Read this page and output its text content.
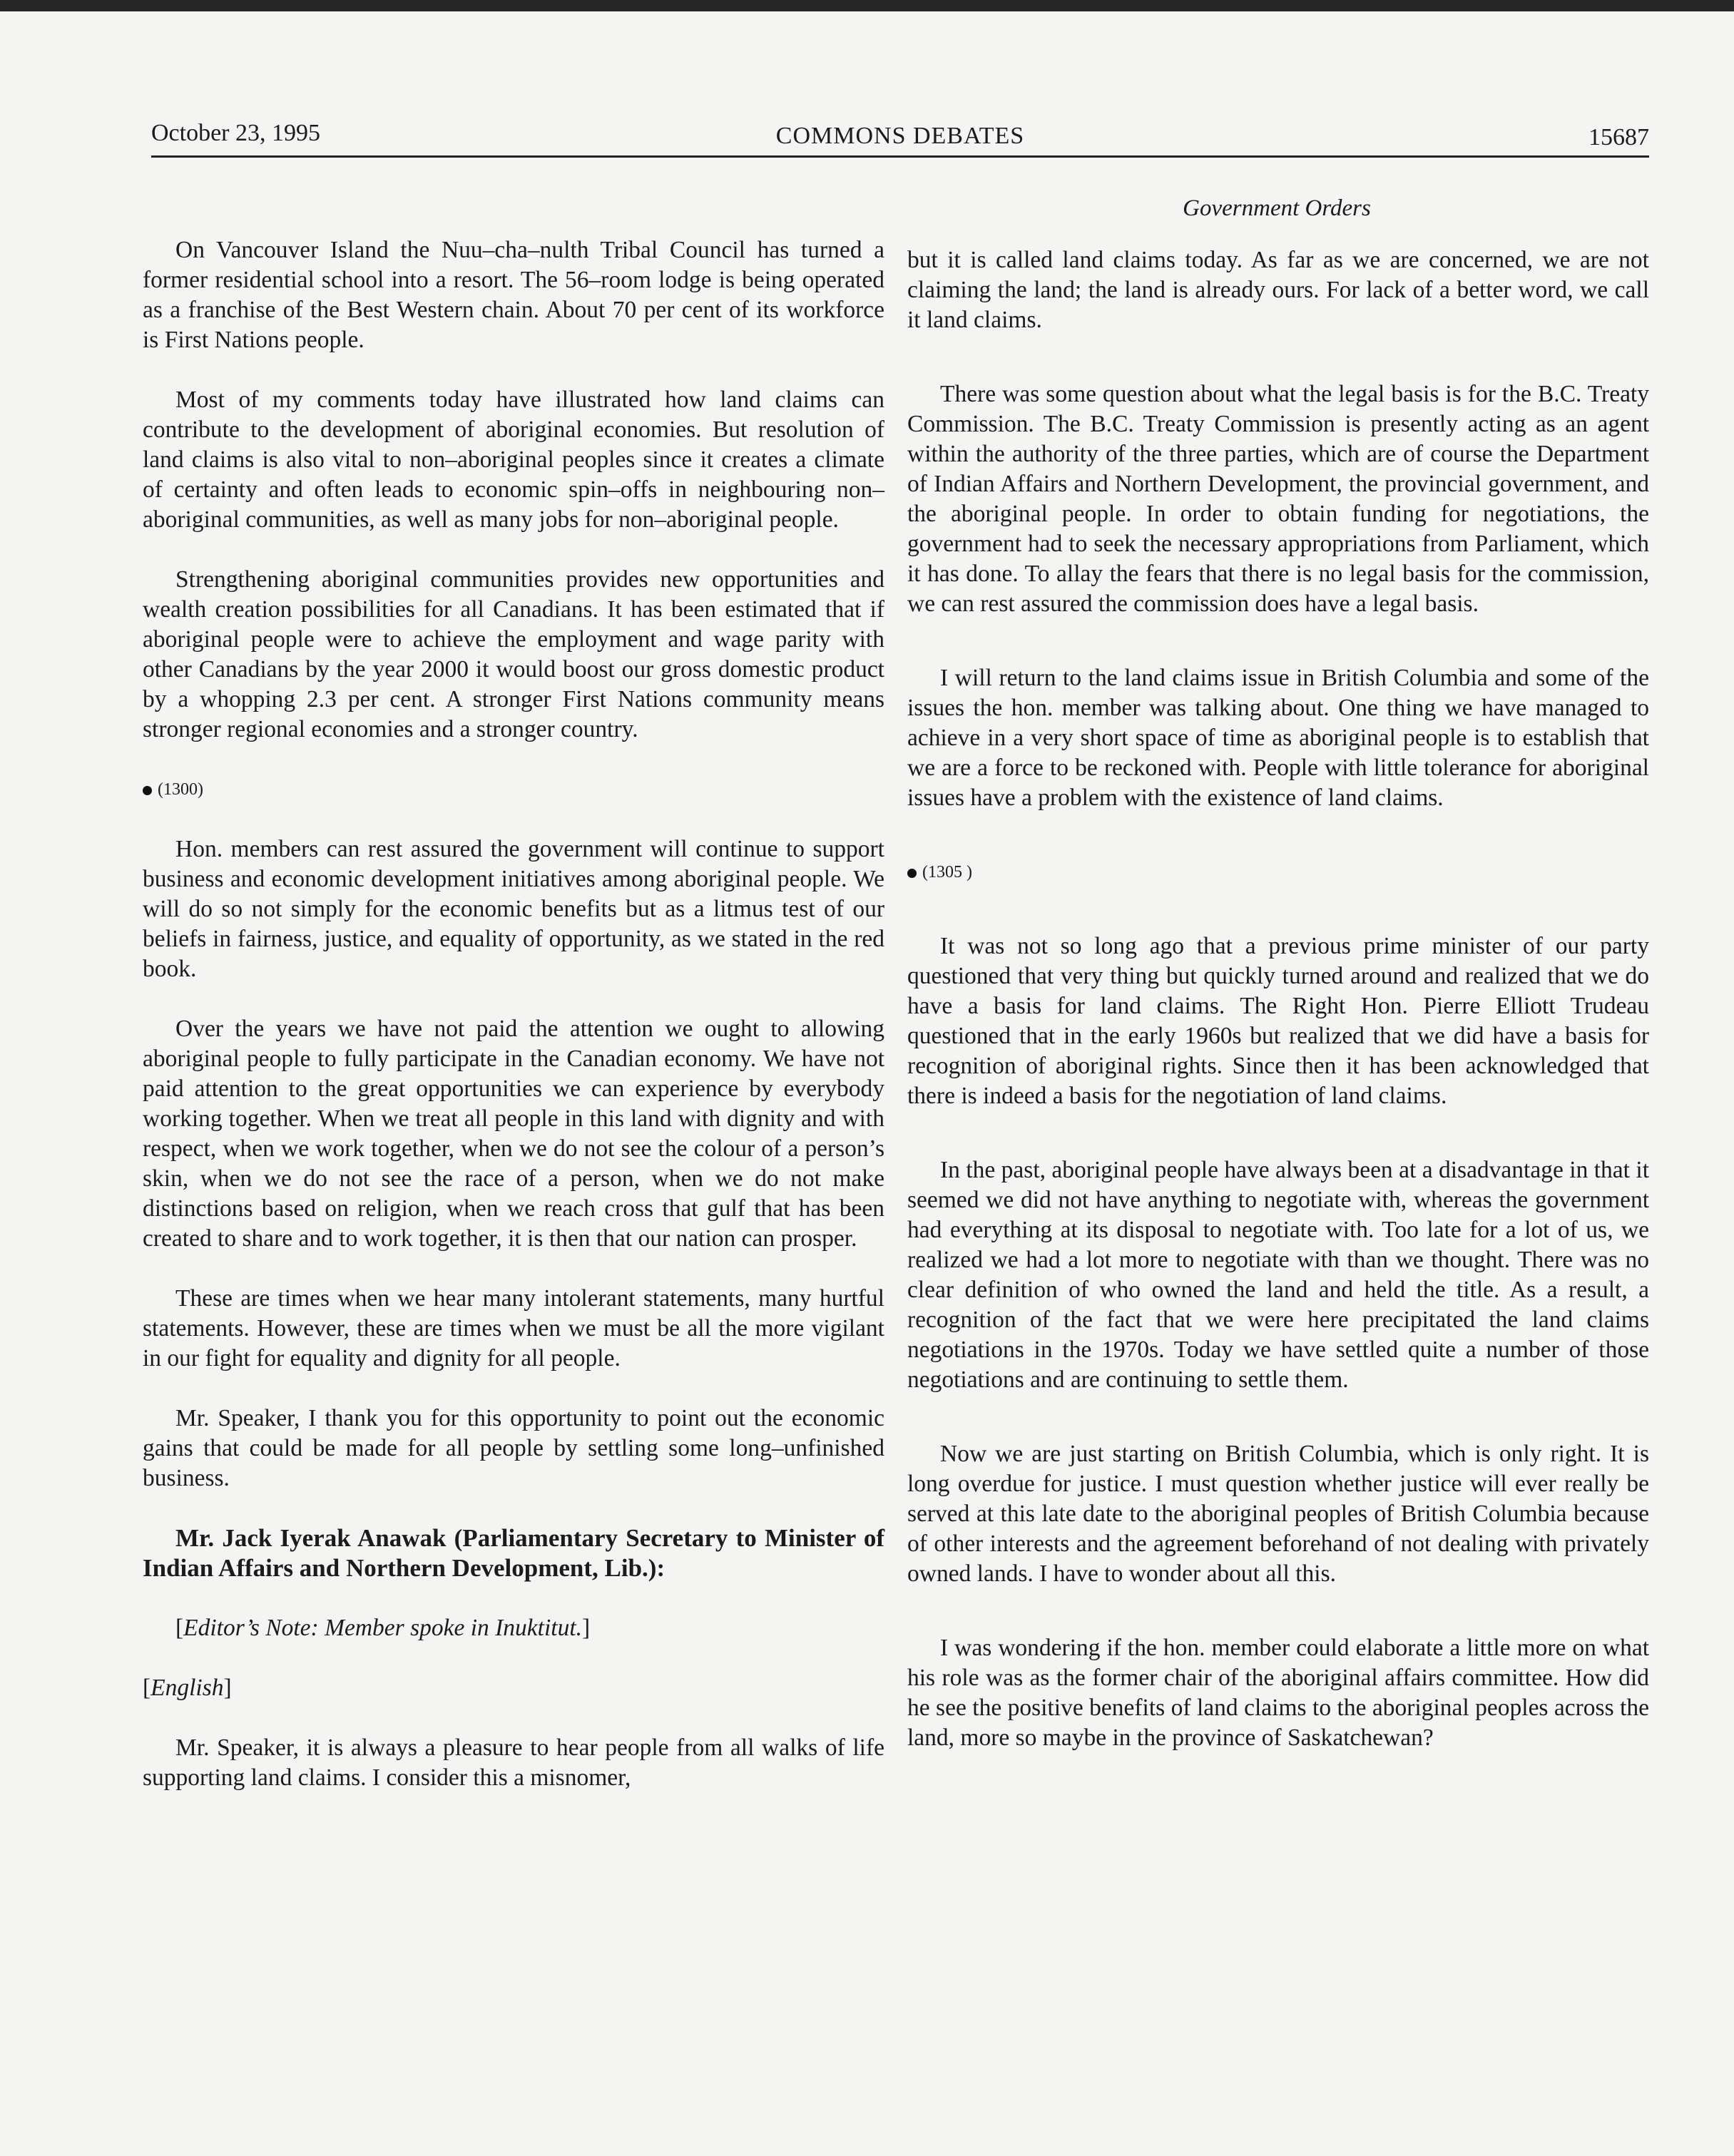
October 23, 1995	COMMONS DEBATES	15687
Government Orders

On Vancouver Island the Nuu–cha–nulth Tribal Council has turned a former residential school into a resort. The 56–room lodge is being operated as a franchise of the Best Western chain. About 70 per cent of its workforce is First Nations people.

Most of my comments today have illustrated how land claims can contribute to the development of aboriginal economies. But resolution of land claims is also vital to non–aboriginal peoples since it creates a climate of certainty and often leads to economic spin–offs in neighbouring non–aboriginal communities, as well as many jobs for non–aboriginal people.

Strengthening aboriginal communities provides new opportunities and wealth creation possibilities for all Canadians. It has been estimated that if aboriginal people were to achieve the employment and wage parity with other Canadians by the year 2000 it would boost our gross domestic product by a whopping 2.3 per cent. A stronger First Nations community means stronger regional economies and a stronger country.

(1300)

Hon. members can rest assured the government will continue to support business and economic development initiatives among aboriginal people. We will do so not simply for the economic benefits but as a litmus test of our beliefs in fairness, justice, and equality of opportunity, as we stated in the red book.

Over the years we have not paid the attention we ought to allowing aboriginal people to fully participate in the Canadian economy. We have not paid attention to the great opportunities we can experience by everybody working together. When we treat all people in this land with dignity and with respect, when we work together, when we do not see the colour of a person’s skin, when we do not see the race of a person, when we do not make distinctions based on religion, when we reach cross that gulf that has been created to share and to work together, it is then that our nation can prosper.

These are times when we hear many intolerant statements, many hurtful statements. However, these are times when we must be all the more vigilant in our fight for equality and dignity for all people.

Mr. Speaker, I thank you for this opportunity to point out the economic gains that could be made for all people by settling some long–unfinished business.

Mr. Jack Iyerak Anawak (Parliamentary Secretary to Minister of Indian Affairs and Northern Development, Lib.):

[Editor’s Note: Member spoke in Inuktitut.]

[English]

Mr. Speaker, it is always a pleasure to hear people from all walks of life supporting land claims. I consider this a misnomer,

but it is called land claims today. As far as we are concerned, we are not claiming the land; the land is already ours. For lack of a better word, we call it land claims.

There was some question about what the legal basis is for the B.C. Treaty Commission. The B.C. Treaty Commission is presently acting as an agent within the authority of the three parties, which are of course the Department of Indian Affairs and Northern Development, the provincial government, and the aboriginal people. In order to obtain funding for negotiations, the government had to seek the necessary appropriations from Parliament, which it has done. To allay the fears that there is no legal basis for the commission, we can rest assured the commission does have a legal basis.

I will return to the land claims issue in British Columbia and some of the issues the hon. member was talking about. One thing we have managed to achieve in a very short space of time as aboriginal people is to establish that we are a force to be reckoned with. People with little tolerance for aboriginal issues have a problem with the existence of land claims.

(1305 )

It was not so long ago that a previous prime minister of our party questioned that very thing but quickly turned around and realized that we do have a basis for land claims. The Right Hon. Pierre Elliott Trudeau questioned that in the early 1960s but realized that we did have a basis for recognition of aboriginal rights. Since then it has been acknowledged that there is indeed a basis for the negotiation of land claims.

In the past, aboriginal people have always been at a disadvantage in that it seemed we did not have anything to negotiate with, whereas the government had everything at its disposal to negotiate with. Too late for a lot of us, we realized we had a lot more to negotiate with than we thought. There was no clear definition of who owned the land and held the title. As a result, a recognition of the fact that we were here precipitated the land claims negotiations in the 1970s. Today we have settled quite a number of those negotiations and are continuing to settle them.

Now we are just starting on British Columbia, which is only right. It is long overdue for justice. I must question whether justice will ever really be served at this late date to the aboriginal peoples of British Columbia because of other interests and the agreement beforehand of not dealing with privately owned lands. I have to wonder about all this.

I was wondering if the hon. member could elaborate a little more on what his role was as the former chair of the aboriginal affairs committee. How did he see the positive benefits of land claims to the aboriginal peoples across the land, more so maybe in the province of Saskatchewan?
